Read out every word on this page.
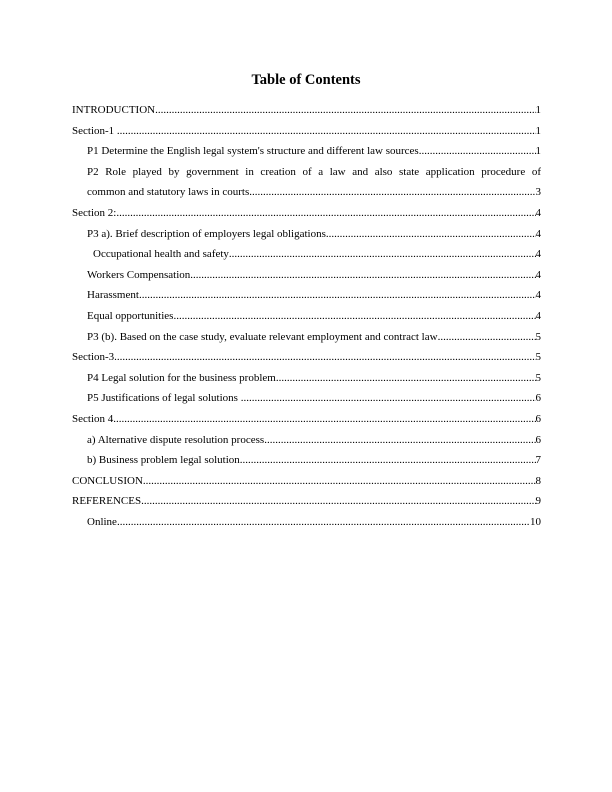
Table of Contents
INTRODUCTION .....	1
Section-1 .....	1
P1 Determine the English legal system's structure and different law sources .....	1
P2 Role played by government in creation of a law and also state application procedure of
common and statutory laws in courts .....	3
Section 2: .....	4
P3 a). Brief description of employers legal obligations. .....	4
Occupational health and safety .....	4
Workers Compensation .....	4
Harassment .....	4
Equal opportunities .....	4
P3 (b). Based on the case study, evaluate relevant employment and contract law .....	5
Section-3 .....	5
P4 Legal solution for the business problem .....	5
P5 Justifications of legal solutions .....	6
Section 4 .....	6
a) Alternative dispute resolution process .....	6
b) Business problem legal solution .....	7
CONCLUSION .....	8
REFERENCES .....	9
Online .....	10
